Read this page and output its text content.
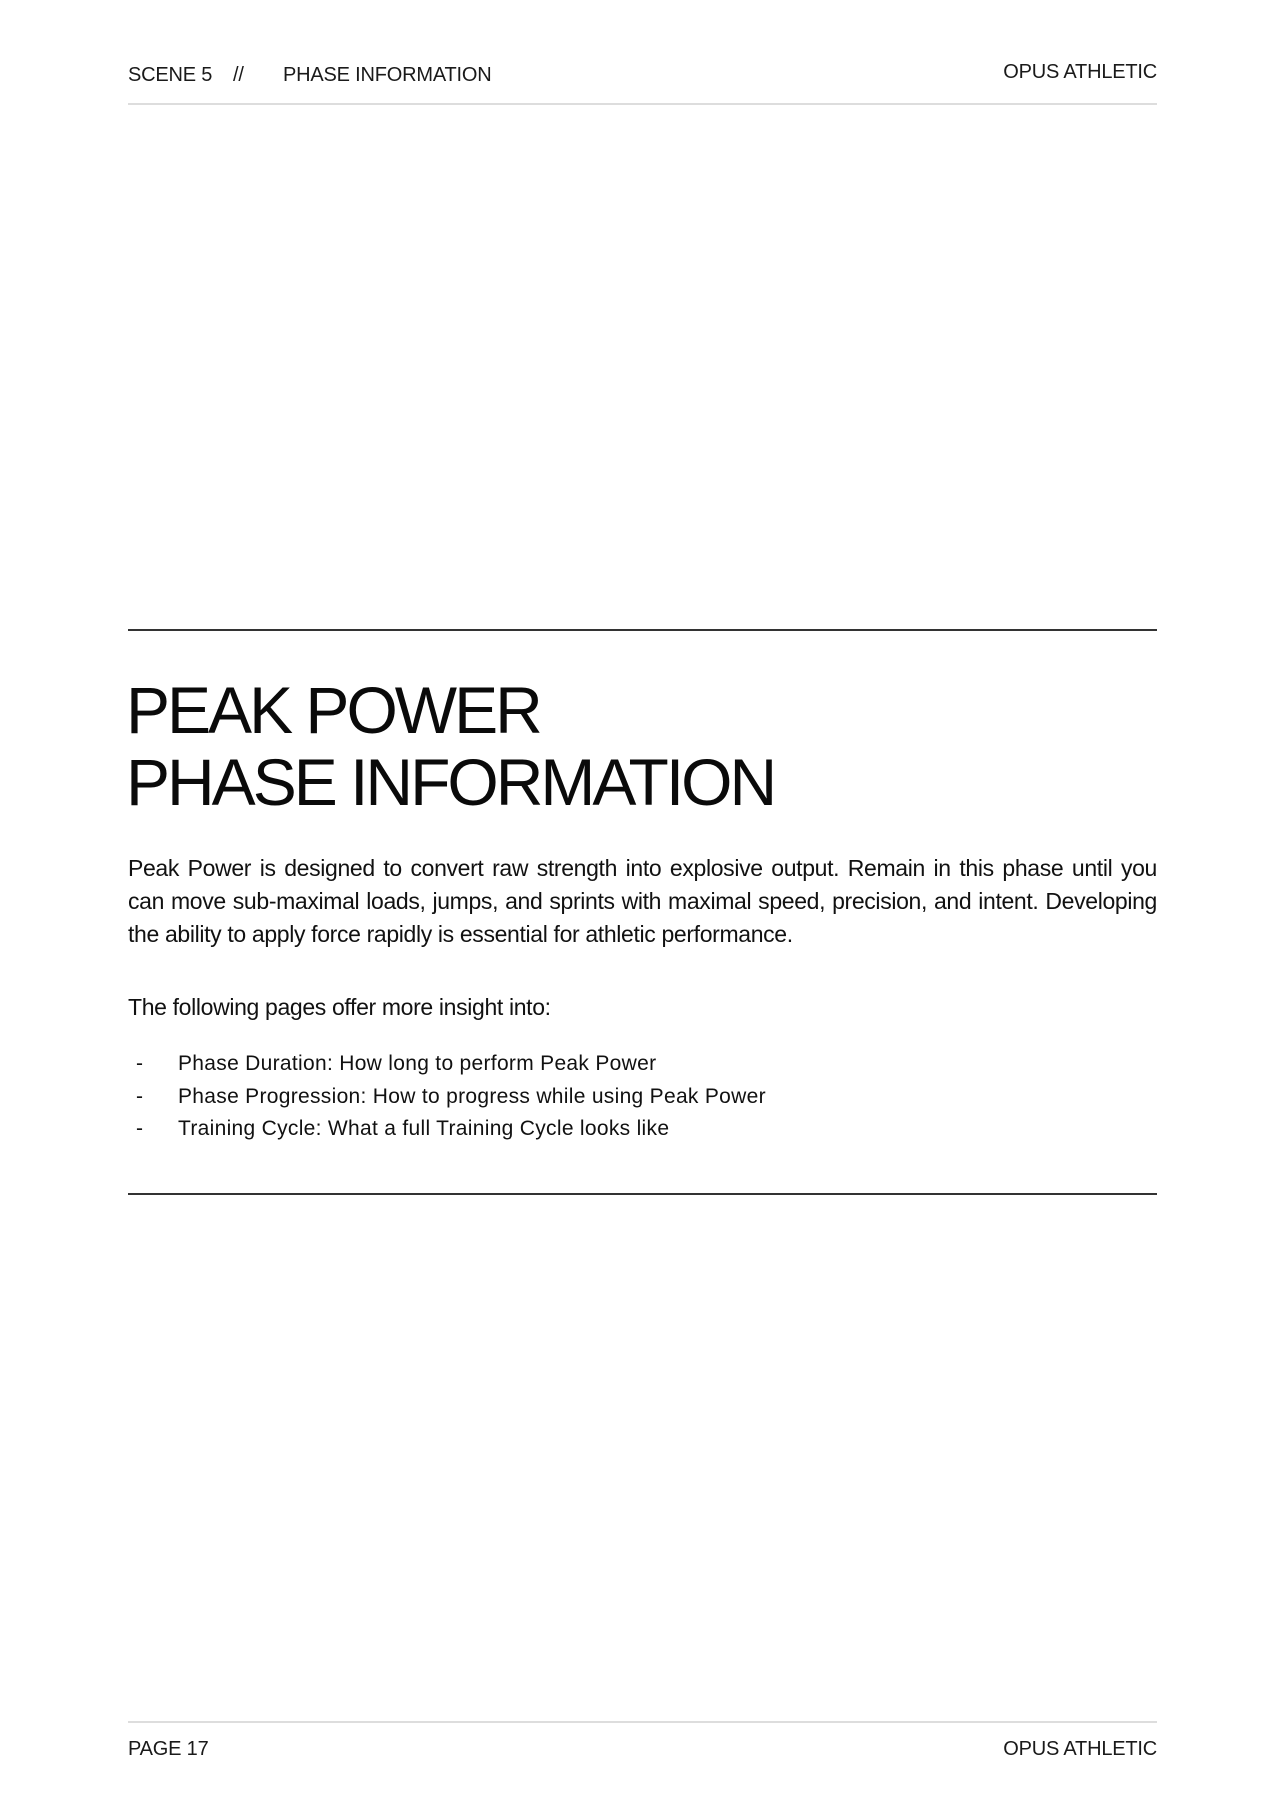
SCENE 5 // PHASE INFORMATION	OPUS ATHLETIC
PEAK POWER
PHASE INFORMATION

Peak Power is designed to convert raw strength into explosive output. Remain in this phase until you can move sub-maximal loads, jumps, and sprints with maximal speed, precision, and intent. Developing the ability to apply force rapidly is essential for athletic performance.

The following pages offer more insight into:

- Phase Duration: How long to perform Peak Power
- Phase Progression: How to progress while using Peak Power
- Training Cycle: What a full Training Cycle looks like
PAGE 17	OPUS ATHLETIC
